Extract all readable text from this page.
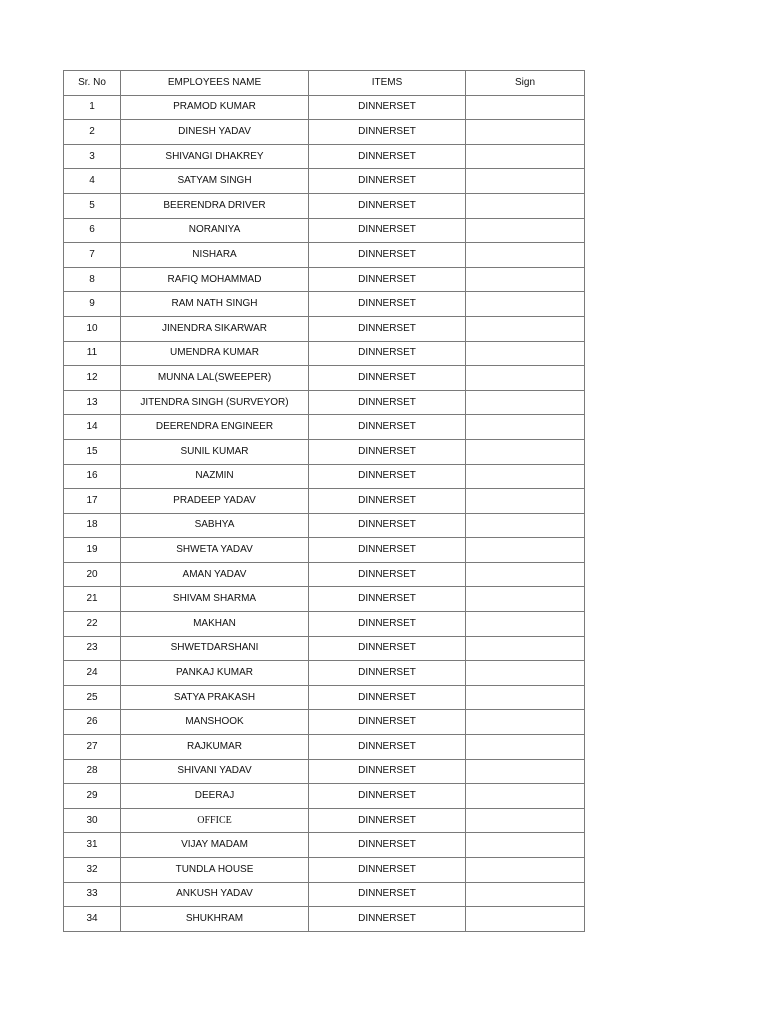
Sr. No	EMPLOYEES NAME	ITEMS	Sign
1	PRAMOD KUMAR	DINNERSET	
2	DINESH YADAV	DINNERSET	
3	SHIVANGI DHAKREY	DINNERSET	
4	SATYAM SINGH	DINNERSET	
5	BEERENDRA DRIVER	DINNERSET	
6	NORANIYA	DINNERSET	
7	NISHARA	DINNERSET	
8	RAFIQ MOHAMMAD	DINNERSET	
9	RAM NATH SINGH	DINNERSET	
10	JINENDRA SIKARWAR	DINNERSET	
11	UMENDRA KUMAR	DINNERSET	
12	MUNNA LAL(SWEEPER)	DINNERSET	
13	JITENDRA SINGH (SURVEYOR)	DINNERSET	
14	DEERENDRA ENGINEER	DINNERSET	
15	SUNIL KUMAR	DINNERSET	
16	NAZMIN	DINNERSET	
17	PRADEEP YADAV	DINNERSET	
18	SABHYA	DINNERSET	
19	SHWETA YADAV	DINNERSET	
20	AMAN YADAV	DINNERSET	
21	SHIVAM SHARMA	DINNERSET	
22	MAKHAN	DINNERSET	
23	SHWETDARSHANI	DINNERSET	
24	PANKAJ KUMAR	DINNERSET	
25	SATYA PRAKASH	DINNERSET	
26	MANSHOOK	DINNERSET	
27	RAJKUMAR	DINNERSET	
28	SHIVANI YADAV	DINNERSET	
29	DEERAJ	DINNERSET	
30	OFFICE	DINNERSET	
31	VIJAY MADAM	DINNERSET	
32	TUNDLA HOUSE	DINNERSET	
33	ANKUSH YADAV	DINNERSET	
34	SHUKHRAM	DINNERSET	
